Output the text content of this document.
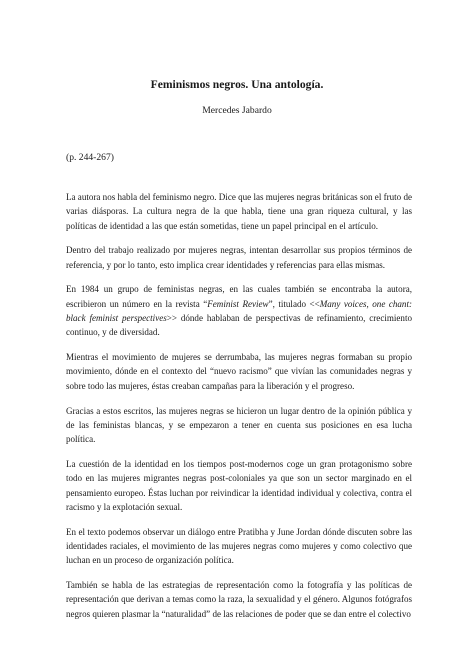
Feminismos negros. Una antología.

Mercedes Jabardo

(p. 244-267)

La autora nos habla del feminismo negro. Dice que las mujeres negras británicas son el fruto de varias diásporas. La cultura negra de la que habla, tiene una gran riqueza cultural, y las políticas de identidad a las que están sometidas, tiene un papel principal en el artículo.

Dentro del trabajo realizado por mujeres negras, intentan desarrollar sus propios términos de referencia, y por lo tanto, esto implica crear identidades y referencias para ellas mismas.

En 1984 un grupo de feministas negras, en las cuales también se encontraba la autora, escribieron un número en la revista “Feminist Review”, titulado <<Many voices, one chant: black feminist perspectives>> dónde hablaban de perspectivas de refinamiento, crecimiento continuo, y de diversidad.

Mientras el movimiento de mujeres se derrumbaba, las mujeres negras formaban su propio movimiento, dónde en el contexto del “nuevo racismo” que vivían las comunidades negras y sobre todo las mujeres, éstas creaban campañas para la liberación y el progreso.

Gracias a estos escritos, las mujeres negras se hicieron un lugar dentro de la opinión pública y de las feministas blancas, y se empezaron a tener en cuenta sus posiciones en esa lucha política.

La cuestión de la identidad en los tiempos post-modernos coge un gran protagonismo sobre todo en las mujeres migrantes negras post-coloniales ya que son un sector marginado en el pensamiento europeo. Éstas luchan por reivindicar la identidad individual y colectiva, contra el racismo y la explotación sexual.

En el texto podemos observar un diálogo entre Pratibha y June Jordan dónde discuten sobre las identidades raciales, el movimiento de las mujeres negras como mujeres y como colectivo que luchan en un proceso de organización política.

También se habla de las estrategias de representación como la fotografía y las políticas de representación que derivan a temas como la raza, la sexualidad y el género. Algunos fotógrafos negros quieren plasmar la “naturalidad” de las relaciones de poder que se dan entre el colectivo
